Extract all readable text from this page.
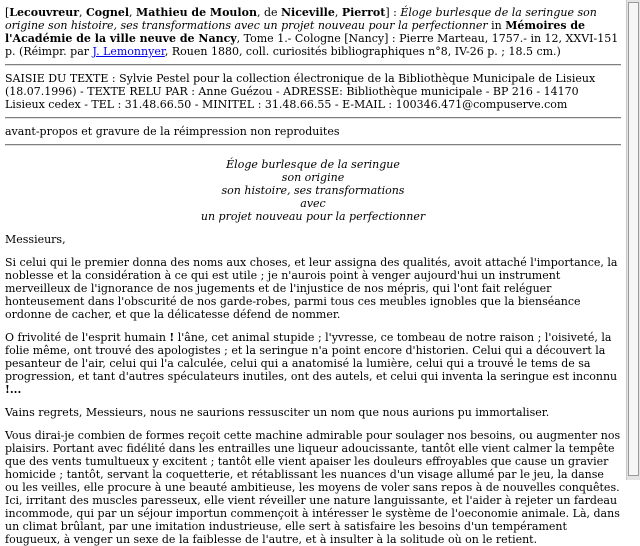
[Lecouvreur, Cognel, Mathieu de Moulon, de Niceville, Pierrot] : Éloge burlesque de la seringue son origine son histoire, ses transformations avec un projet nouveau pour la perfectionner in Mémoires de l'Académie de la ville neuve de Nancy, Tome 1.- Cologne [Nancy] : Pierre Marteau, 1757.- in 12, XXVI-151 p. (Réimpr. par J. Lemonnyer, Rouen 1880, coll. curiosités bibliographiques n°8, IV-26 p. ; 18.5 cm.)
SAISIE DU TEXTE : Sylvie Pestel pour la collection électronique de la Bibliothèque Municipale de Lisieux (18.07.1996) - TEXTE RELU PAR : Anne Guézou - ADRESSE: Bibliothèque municipale - BP 216 - 14170 Lisieux cedex - TEL : 31.48.66.50 - MINITEL : 31.48.66.55 - E-MAIL : 100346.471@compuserve.com
avant-propos et gravure de la réimpression non reproduites
Éloge burlesque de la seringue
son origine
son histoire, ses transformations
avec
un projet nouveau pour la perfectionner

Messieurs,

Si celui qui le premier donna des noms aux choses, et leur assigna des qualités, avoit attaché l'importance, la noblesse et la considération à ce qui est utile ; je n'aurois point à venger aujourd'hui un instrument merveilleux de l'ignorance de nos jugements et de l'injustice de nos mépris, qui l'ont fait reléguer honteusement dans l'obscurité de nos garde-robes, parmi tous ces meubles ignobles que la bienséance ordonne de cacher, et que la délicatesse défend de nommer.

O frivolité de l'esprit humain ! l'âne, cet animal stupide ; l'yvresse, ce tombeau de notre raison ; l'oisiveté, la folie même, ont trouvé des apologistes ; et la seringue n'a point encore d'historien. Celui qui a découvert la pesanteur de l'air, celui qui l'a calculée, celui qui a anatomisé la lumière, celui qui a trouvé le tems de sa progression, et tant d'autres spéculateurs inutiles, ont des autels, et celui qui inventa la seringue est inconnu !...

Vains regrets, Messieurs, nous ne saurions ressusciter un nom que nous aurions pu immortaliser.

Vous dirai-je combien de formes reçoit cette machine admirable pour soulager nos besoins, ou augmenter nos plaisirs. Portant avec fidélité dans les entrailles une liqueur adoucissante, tantôt elle vient calmer la tempête que des vents tumultueux y excitent ; tantôt elle vient apaiser les douleurs effroyables que cause un gravier homicide ; tantôt, servant la coquetterie, et rétablissant les nuances d'un visage allumé par le jeu, la danse ou les veilles, elle procure à une beauté ambitieuse, les moyens de voler sans repos à de nouvelles conquêtes. Ici, irritant des muscles paresseux, elle vient réveiller une nature languissante, et l'aider à rejeter un fardeau incommode, qui par un séjour importun commençoit à intéresser le système de l'oeconomie animale. Là, dans un climat brûlant, par une imitation industrieuse, elle sert à satisfaire les besoins d'un tempérament fougueux, à venger un sexe de la faiblesse de l'autre, et à insulter à la solitude où on le retient.
